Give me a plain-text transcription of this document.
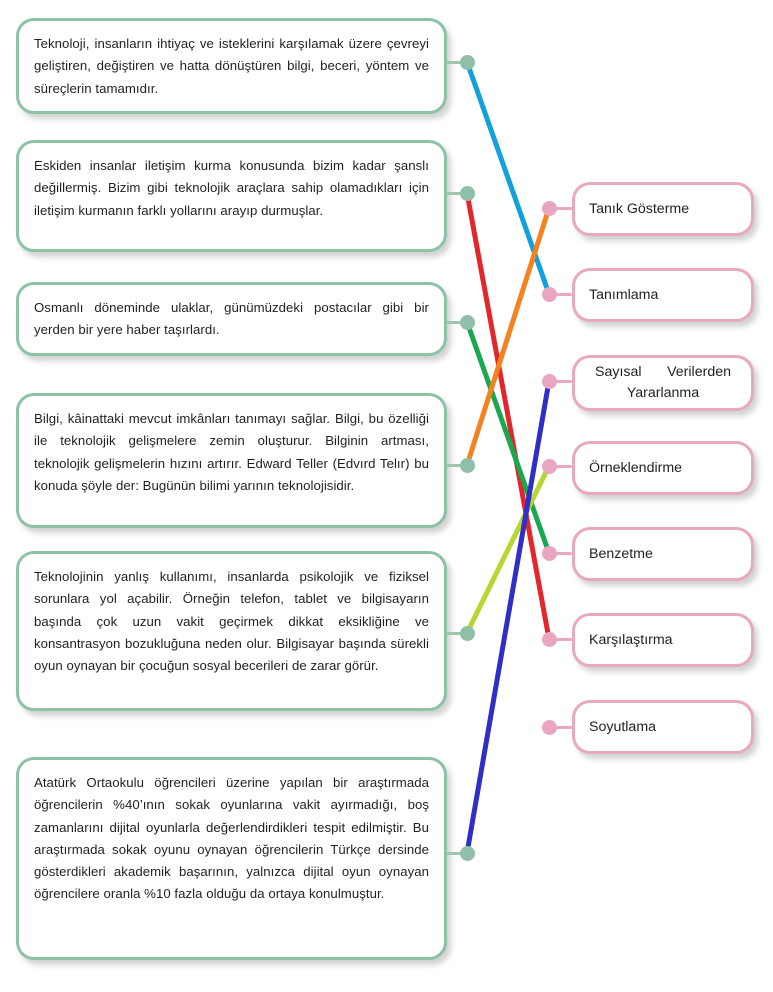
Teknoloji, insanların ihtiyaç ve isteklerini karşılamak üzere çevreyi geliştiren, değiştiren ve hatta dönüştüren bilgi, beceri, yöntem ve süreçlerin tamamıdır.
Eskiden insanlar iletişim kurma konusunda bizim kadar şanslı değillermiş. Bizim gibi teknolojik araçlara sahip olamadıkları için iletişim kurmanın farklı yollarını arayıp durmuşlar.
Osmanlı döneminde ulaklar, günümüzdeki postacılar gibi bir yerden bir yere haber taşırlardı.
Bilgi, kâinattaki mevcut imkânları tanımayı sağlar. Bilgi, bu özelliği ile teknolojik gelişmelere zemin oluşturur. Bilginin artması, teknolojik gelişmelerin hızını artırır. Edward Teller (Edvırd Telır) bu konuda şöyle der: Bugünün bilimi yarının teknolojisidir.
Teknolojinin yanlış kullanımı, insanlarda psikolojik ve fiziksel sorunlara yol açabilir. Örneğin telefon, tablet ve bilgisayarın başında çok uzun vakit geçirmek dikkat eksikliğine ve konsantrasyon bozukluğuna neden olur. Bilgisayar başında sürekli oyun oynayan bir çocuğun sosyal becerileri de zarar görür.
Atatürk Ortaokulu öğrencileri üzerine yapılan bir araştırmada öğrencilerin %40’ının sokak oyunlarına vakit ayırmadığı, boş zamanlarını dijital oyunlarla değerlendirdikleri tespit edilmiştir. Bu araştırmada sokak oyunu oynayan öğrencilerin Türkçe dersinde gösterdikleri akademik başarının, yalnızca dijital oyun oynayan öğrencilere oranla %10 fazla olduğu da ortaya konulmuştur.
Tanık Gösterme
Tanımlama
Sayısal Verilerden
Yararlanma
Örneklendirme
Benzetme
Karşılaştırma
Soyutlama
